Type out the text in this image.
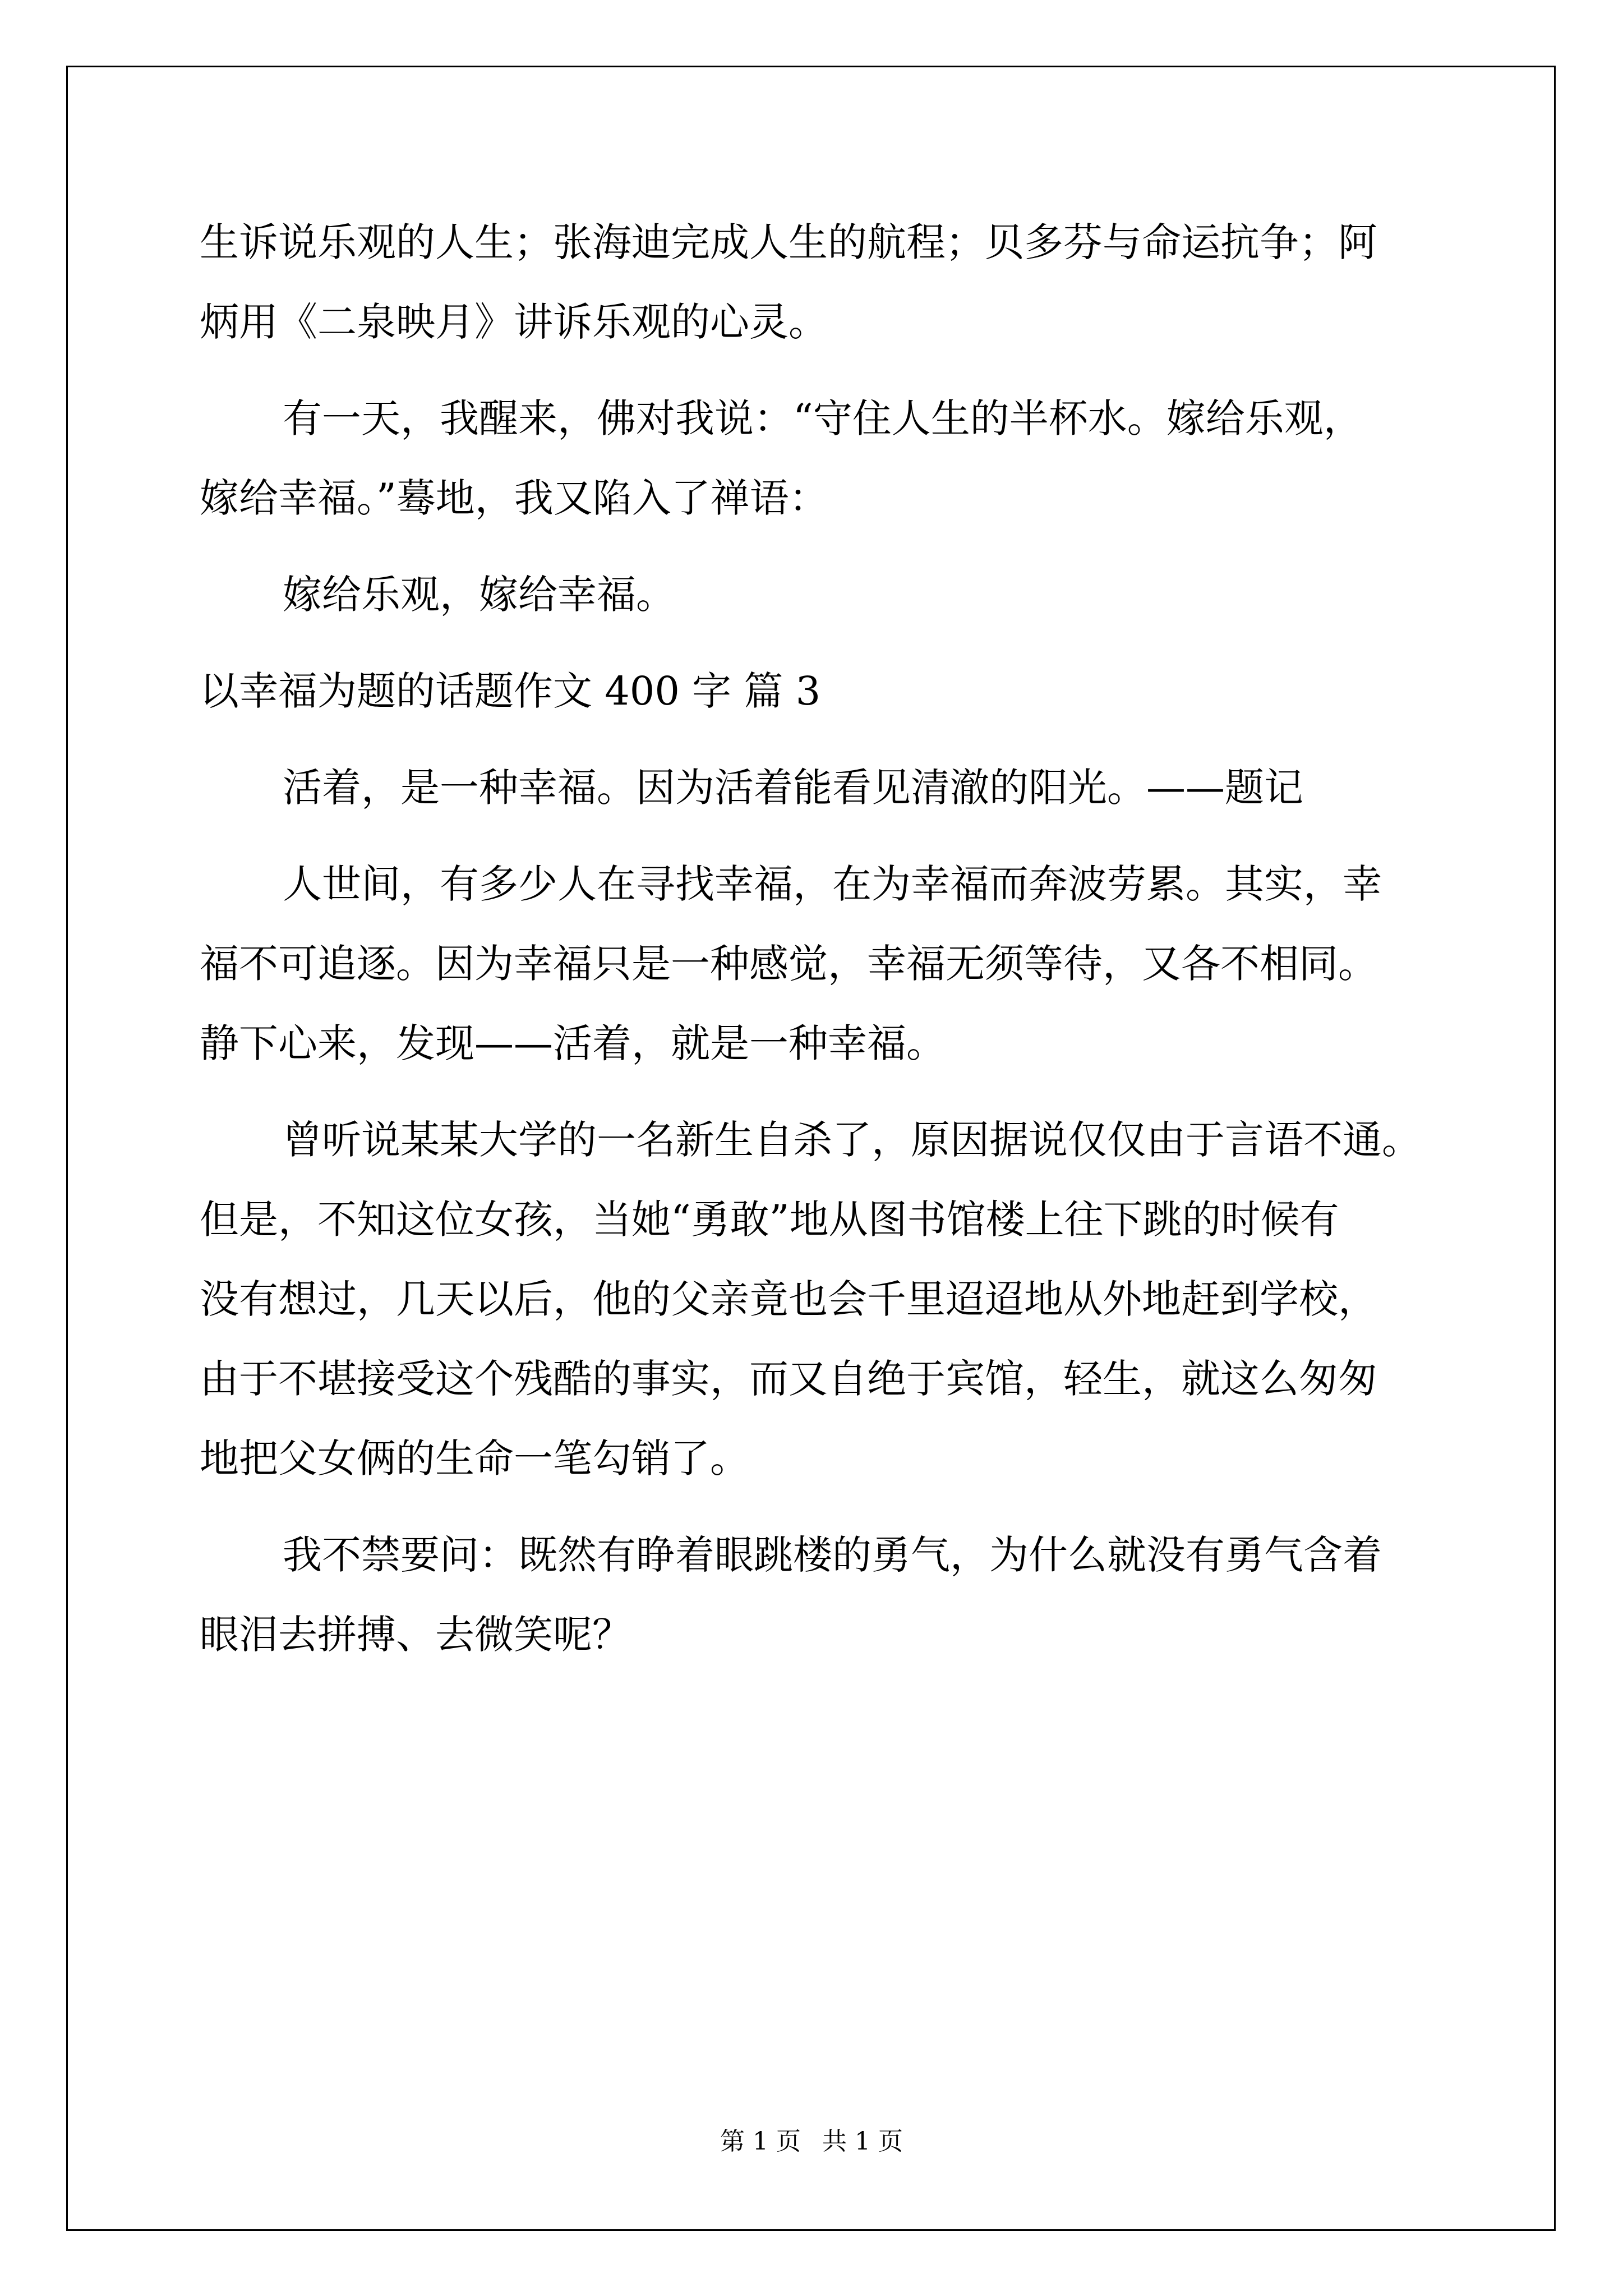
生诉说乐观的人生；张海迪完成人生的航程；贝多芬与命运抗争；阿
炳用《二泉映月》讲诉乐观的心灵。
有一天，我醒来，佛对我说：“守住人生的半杯水。嫁给乐观，
嫁给幸福。”蓦地，我又陷入了禅语：
嫁给乐观，嫁给幸福。
以幸福为题的话题作文 400 字 篇 3
活着，是一种幸福。因为活着能看见清澈的阳光。——题记
人世间，有多少人在寻找幸福，在为幸福而奔波劳累。其实，幸
福不可追逐。因为幸福只是一种感觉，幸福无须等待，又各不相同。
静下心来，发现——活着，就是一种幸福。
曾听说某某大学的一名新生自杀了，原因据说仅仅由于言语不通。
但是，不知这位女孩，当她“勇敢”地从图书馆楼上往下跳的时候有
没有想过，几天以后，他的父亲竟也会千里迢迢地从外地赶到学校，
由于不堪接受这个残酷的事实，而又自绝于宾馆，轻生，就这么匆匆
地把父女俩的生命一笔勾销了。
我不禁要问：既然有睁着眼跳楼的勇气，为什么就没有勇气含着
眼泪去拼搏、去微笑呢？
第 1 页 共 1 页
